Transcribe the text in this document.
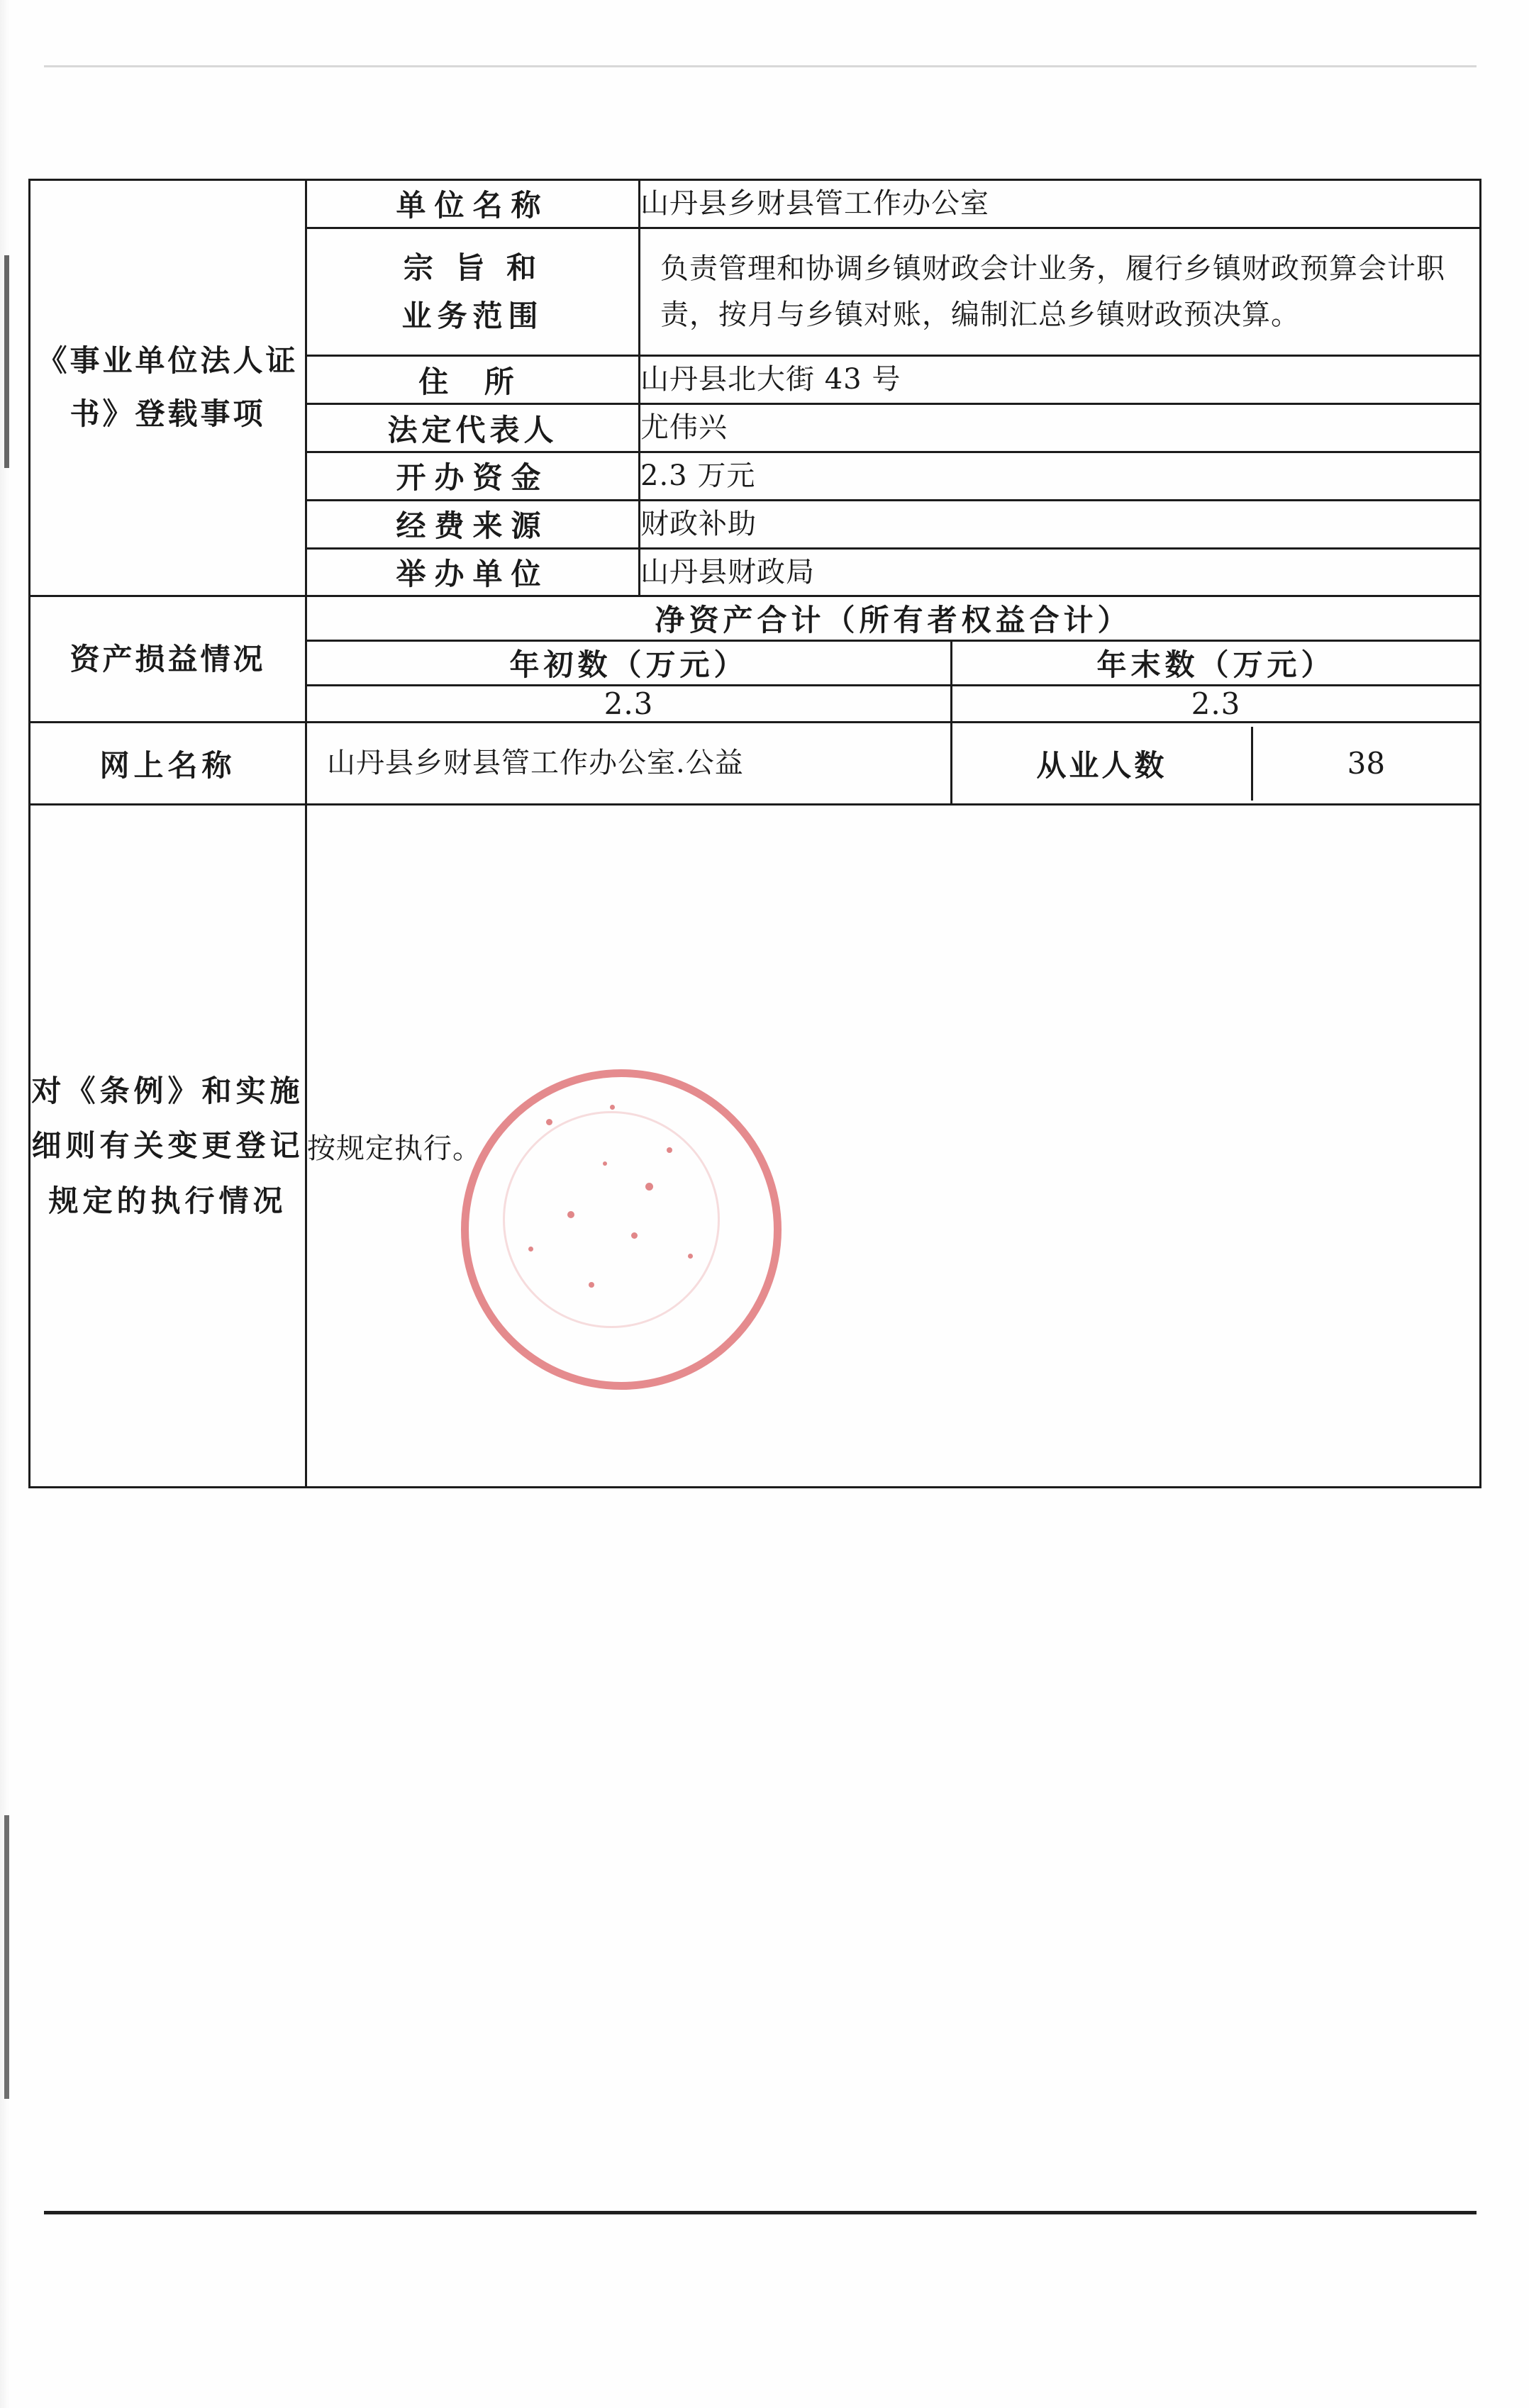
《事业单位法人证书》登载事项	单位名称	山丹县乡财县管工作办公室

宗 旨 和
业务范围
	负责管理和协调乡镇财政会计业务，履行乡镇财政预算会计职责，按月与乡镇对账，编制汇总乡镇财政预决算。
住 所	山丹县北大街 43 号
法定代表人	尤伟兴
开办资金	2.3 万元
经费来源	财政补助
举办单位	山丹县财政局
资产损益情况	净资产合计（所有者权益合计）
年初数（万元）	年末数（万元）
2.3	2.3
网上名称	山丹县乡财县管工作办公室.公益		从业人数	38

对《条例》和实施细则有关变更登记规定的执行情况	按规定执行。
